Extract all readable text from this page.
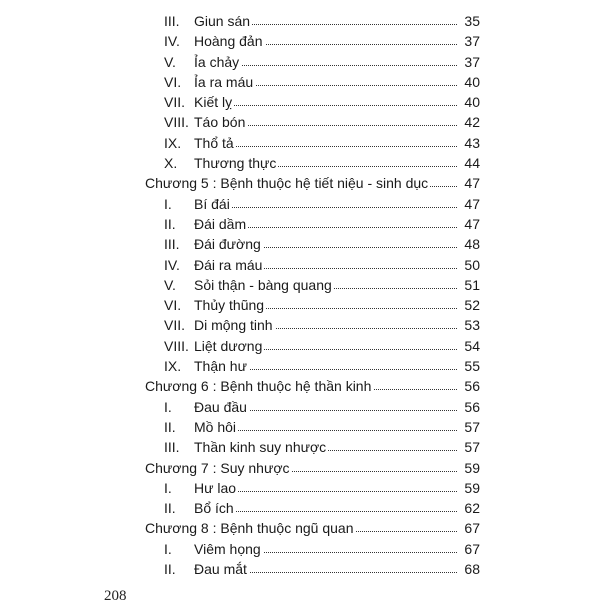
III.	Giun sán	35
IV.	Hoàng đản	37
V.	Ỉa chảy	37
VI. Ỉa ra máu	40
VII. Kiết lỵ	40
VIII. Táo bón	42
IX. Thổ tả	43
X.	Thương thực	44
Chương 5 : Bệnh thuộc hệ tiết niệu - sinh dục	47
I.	Bí đái	47
II.	Đái dầm	47
III.	Đái đường	48
IV.	Đái ra máu	50
V.	Sỏi thận - bàng quang	51
VI. Thủy thũng	52
VII. Di mộng tinh	53
VIII. Liệt dương	54
IX. Thận hư	55
Chương 6 : Bệnh thuộc hệ thần kinh	56
I.	Đau đầu	56
II.	Mồ hôi	57
III.	Thần kinh suy nhược	57
Chương 7 : Suy nhược	59
I.	Hư lao	59
II.	Bổ ích	62
Chương 8 : Bệnh thuộc ngũ quan	67
I.	Viêm họng	67
II.	Đau mắt	68
208
